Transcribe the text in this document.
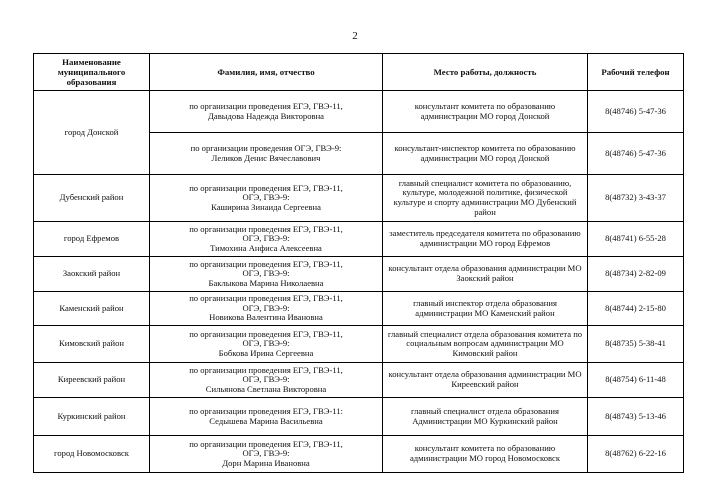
2
Наименование муниципального образования	Фамилия, имя, отчество	Место работы, должность	Рабочий телефон
город Донской	по организации проведения ЕГЭ, ГВЭ-11,
Давыдова Надежда Викторовна	консультант комитета по образованию администрации МО город Донской	8(48746) 5-47-36

	по организации проведения ОГЭ, ГВЭ-9:
Леликов Денис Вячеславович	консультант-инспектор комитета по образованию администрации МО город Донской	8(48746) 5-47-36
Дубенский район	по организации проведения ЕГЭ, ГВЭ-11,
ОГЭ, ГВЭ-9:
Каширина Зинаида Сергеевна	главный специалист комитета по образованию, культуре, молодежной политике, физической культуре и спорту администрации МО Дубенский район	8(48732) 3-43-37
город Ефремов	по организации проведения ЕГЭ, ГВЭ-11,
ОГЭ, ГВЭ-9:
Тимохина Анфиса Алексеевна	заместитель председателя комитета по образованию администрации МО город Ефремов	8(48741) 6-55-28
Заокский район	по организации проведения ЕГЭ, ГВЭ-11,
ОГЭ, ГВЭ-9:
Баклыкова Марина Николаевна	консультант отдела образования администрации МО Заокский район	8(48734) 2-82-09
Каменский район	по организации проведения ЕГЭ, ГВЭ-11,
ОГЭ, ГВЭ-9:
Новикова Валентина Ивановна	главный инспектор отдела образования администрации МО Каменский район	8(48744) 2-15-80
Кимовский район	по организации проведения ЕГЭ, ГВЭ-11,
ОГЭ, ГВЭ-9:
Бобкова Ирина Сергеевна	главный специалист отдела образования комитета по социальным вопросам администрации МО Кимовский район	8(48735) 5-38-41
Киреевский район	по организации проведения ЕГЭ, ГВЭ-11,
ОГЭ, ГВЭ-9:
Сильянова Светлана Викторовна	консультант отдела образования администрации МО Киреевский район	8(48754) 6-11-48
Куркинский район	по организации проведения ЕГЭ, ГВЭ-11:
Седышева Марина Васильевна	главный специалист отдела образования Администрации МО Куркинский район	8(48743) 5-13-46
город Новомосковск	по организации проведения ЕГЭ, ГВЭ-11,
ОГЭ, ГВЭ-9:
Дорн Марина Ивановна	консультант комитета по образованию администрации МО город Новомосковск	8(48762) 6-22-16
